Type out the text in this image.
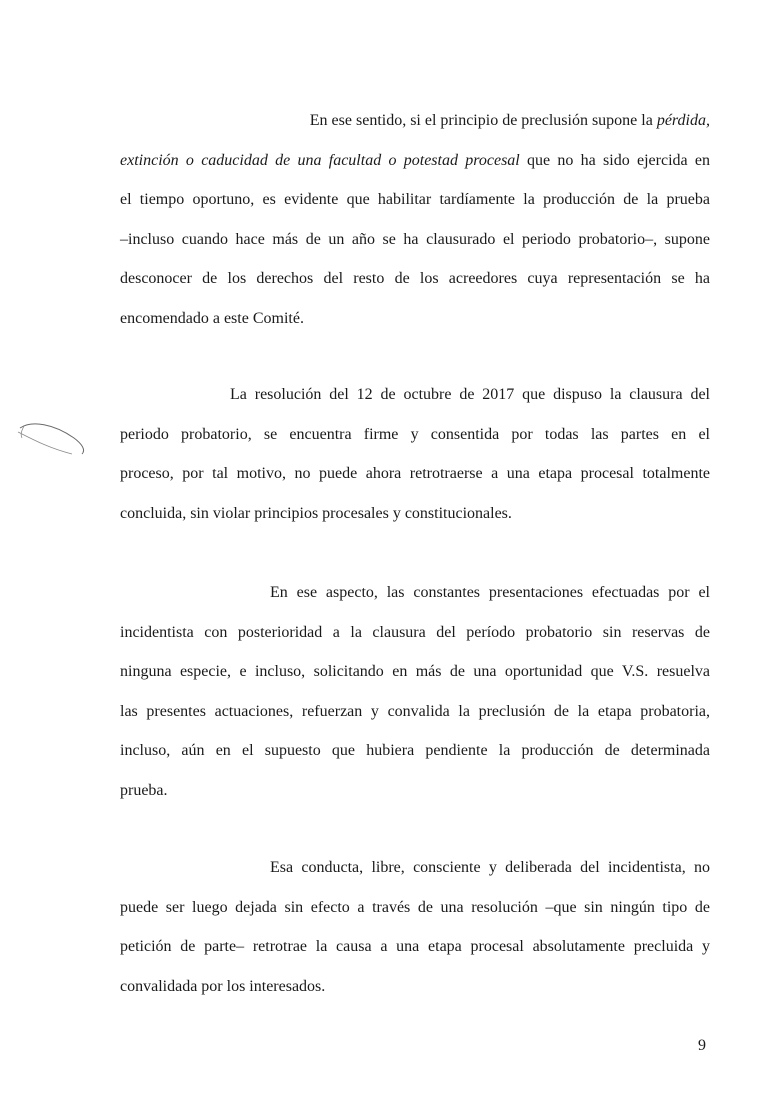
En ese sentido, si el principio de preclusión supone la pérdida,
extinción o caducidad de una facultad o potestad procesal que no ha sido ejercida en
el tiempo oportuno, es evidente que habilitar tardíamente la producción de la prueba
–incluso cuando hace más de un año se ha clausurado el periodo probatorio–, supone
desconocer de los derechos del resto de los acreedores cuya representación se ha
encomendado a este Comité.
La resolución del 12 de octubre de 2017 que dispuso la clausura del
periodo probatorio, se encuentra firme y consentida por todas las partes en el
proceso, por tal motivo, no puede ahora retrotraerse a una etapa procesal totalmente
concluida, sin violar principios procesales y constitucionales.
En ese aspecto, las constantes presentaciones efectuadas por el
incidentista con posterioridad a la clausura del período probatorio sin reservas de
ninguna especie, e incluso, solicitando en más de una oportunidad que V.S. resuelva
las presentes actuaciones, refuerzan y convalida la preclusión de la etapa probatoria,
incluso, aún en el supuesto que hubiera pendiente la producción de determinada
prueba.
Esa conducta, libre, consciente y deliberada del incidentista, no
puede ser luego dejada sin efecto a través de una resolución –que sin ningún tipo de
petición de parte– retrotrae la causa a una etapa procesal absolutamente precluida y
convalidada por los interesados.
9
